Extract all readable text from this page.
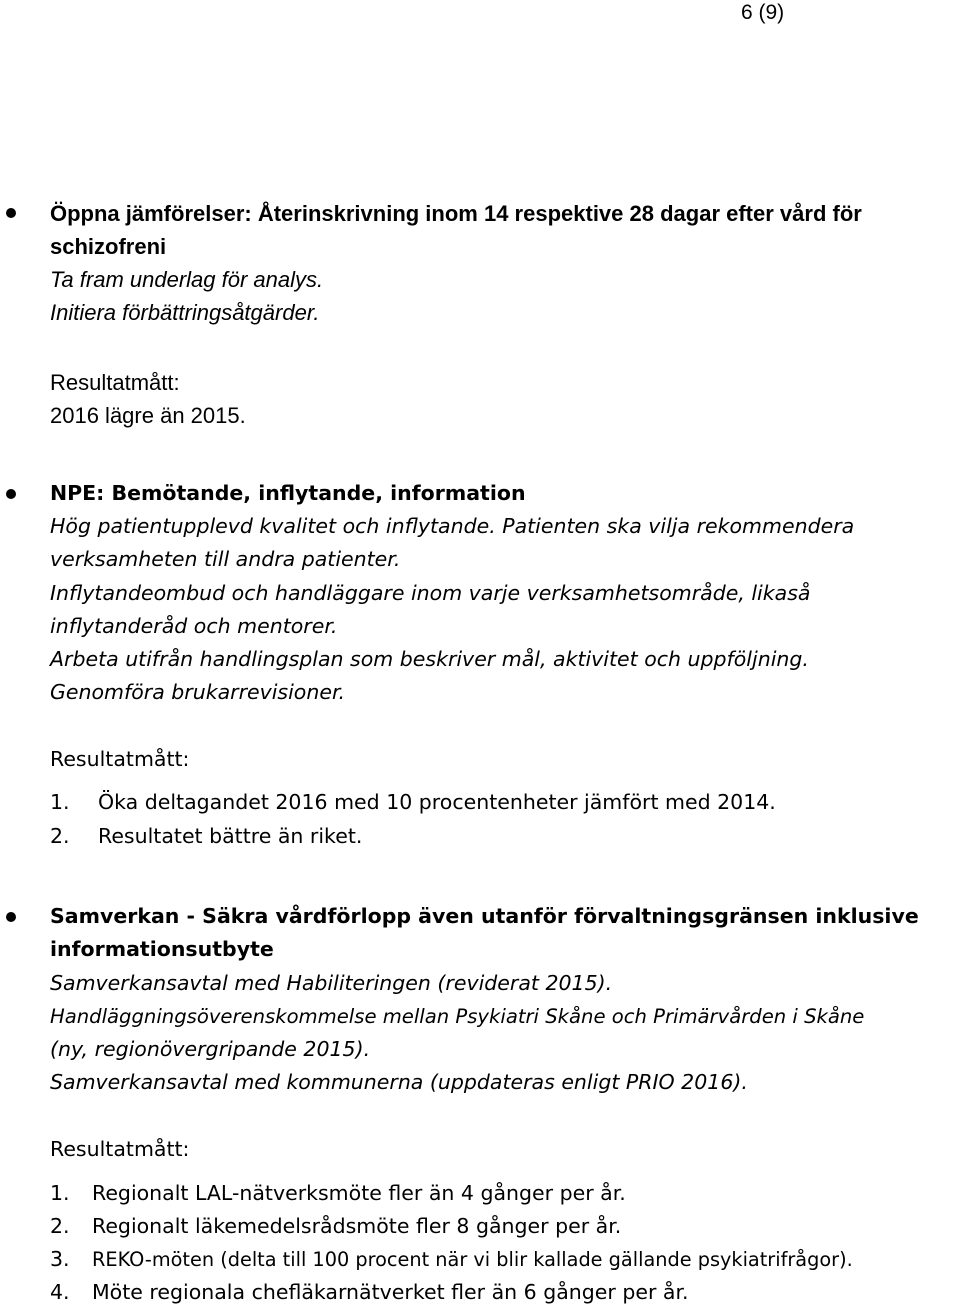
6 (9)
Öppna jämförelser: Återinskrivning inom 14 respektive 28 dagar efter vård för
schizofreni
Ta fram underlag för analys.
Initiera förbättringsåtgärder.
Resultatmått:
2016 lägre än 2015.
NPE: Bemötande, inflytande, information
Hög patientupplevd kvalitet och inflytande. Patienten ska vilja rekommendera
verksamheten till andra patienter.
Inflytandeombud och handläggare inom varje verksamhetsområde, likaså
inflytanderåd och mentorer.
Arbeta utifrån handlingsplan som beskriver mål, aktivitet och uppföljning.
Genomföra brukarrevisioner.
Resultatmått:
1. Öka deltagandet 2016 med 10 procentenheter jämfört med 2014.
2. Resultatet bättre än riket.
Samverkan - Säkra vårdförlopp även utanför förvaltningsgränsen inklusive
informationsutbyte
Samverkansavtal med Habiliteringen (reviderat 2015).
Handläggningsöverenskommelse mellan Psykiatri Skåne och Primärvården i Skåne
(ny, regionövergripande 2015).
Samverkansavtal med kommunerna (uppdateras enligt PRIO 2016).
Resultatmått:
1. Regionalt LAL-nätverksmöte fler än 4 gånger per år.
2. Regionalt läkemedelsrådsmöte fler 8 gånger per år.
3. REKO-möten (delta till 100 procent när vi blir kallade gällande psykiatrifrågor).
4. Möte regionala chefläkarnätverket fler än 6 gånger per år.
